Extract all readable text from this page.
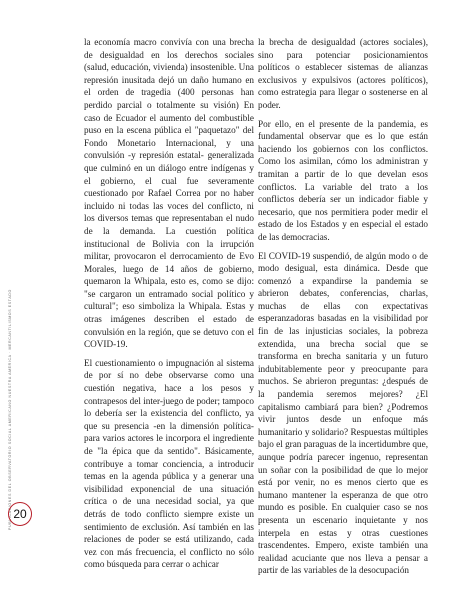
PUBLICACIONES DEL OBSERVATORIO SOCIAL AMERICANO NUESTRA AMÉRICA · MERCANTILISMOS ESTADO

la economía macro convivía con una brecha de desigualdad en los derechos sociales (salud, educación, vivienda) insostenible. Una represión inusitada dejó un daño humano en el orden de tragedia (400 personas han perdido parcial o totalmente su visión) En caso de Ecuador el aumento del combustible puso en la escena pública el "paquetazo" del Fondo Monetario Internacional, y una convulsión -y represión estatal- generalizada que culminó en un diálogo entre indígenas y el gobierno, el cual fue severamente cuestionado por Rafael Correa por no haber incluido ni todas las voces del conflicto, ni los diversos temas que representaban el nudo de la demanda. La cuestión política institucional de Bolivia con la irrupción militar, provocaron el derrocamiento de Evo Morales, luego de 14 años de gobierno, quemaron la Whipala, esto es, como se dijo: "se cargaron un entramado social político y cultural"; eso simboliza la Whipala. Estas y otras imágenes describen el estado de convulsión en la región, que se detuvo con el COVID-19.

El cuestionamiento o impugnación al sistema de por sí no debe observarse como una cuestión negativa, hace a los pesos y contrapesos del inter-juego de poder; tampoco lo debería ser la existencia del conflicto, ya que su presencia -en la dimensión política- para varios actores le incorpora el ingrediente de "la épica que da sentido". Básicamente, contribuye a tomar conciencia, a introducir temas en la agenda pública y a generar una visibilidad exponencial de una situación crítica o de una necesidad social, ya que detrás de todo conflicto siempre existe un sentimiento de exclusión. Así también en las relaciones de poder se está utilizando, cada vez con más frecuencia, el conflicto no sólo como búsqueda para cerrar o achicar

la brecha de desigualdad (actores sociales), sino para potenciar posicionamientos políticos o establecer sistemas de alianzas exclusivos y expulsivos (actores políticos), como estrategia para llegar o sostenerse en al poder.

Por ello, en el presente de la pandemia, es fundamental observar que es lo que están haciendo los gobiernos con los conflictos. Como los asimilan, cómo los administran y tramitan a partir de lo que develan esos conflictos. La variable del trato a los conflictos debería ser un indicador fiable y necesario, que nos permitiera poder medir el estado de los Estados y en especial el estado de las democracias.

El COVID-19 suspendió, de algún modo o de modo desigual, esta dinámica. Desde que comenzó a expandirse la pandemia se abrieron debates, conferencias, charlas, muchas de ellas con expectativas esperanzadoras basadas en la visibilidad por fin de las injusticias sociales, la pobreza extendida, una brecha social que se transforma en brecha sanitaria y un futuro indubitablemente peor y preocupante para muchos. Se abrieron preguntas: ¿después de la pandemia seremos mejores? ¿El capitalismo cambiará para bien? ¿Podremos vivir juntos desde un enfoque más humanitario y solidario? Respuestas múltiples bajo el gran paraguas de la incertidumbre que, aunque podría parecer ingenuo, representan un soñar con la posibilidad de que lo mejor está por venir, no es menos cierto que es humano mantener la esperanza de que otro mundo es posible. En cualquier caso se nos presenta un escenario inquietante y nos interpela en estas y otras cuestiones trascendentes. Empero, existe también una realidad acuciante que nos lleva a pensar a partir de las variables de la desocupación

20
